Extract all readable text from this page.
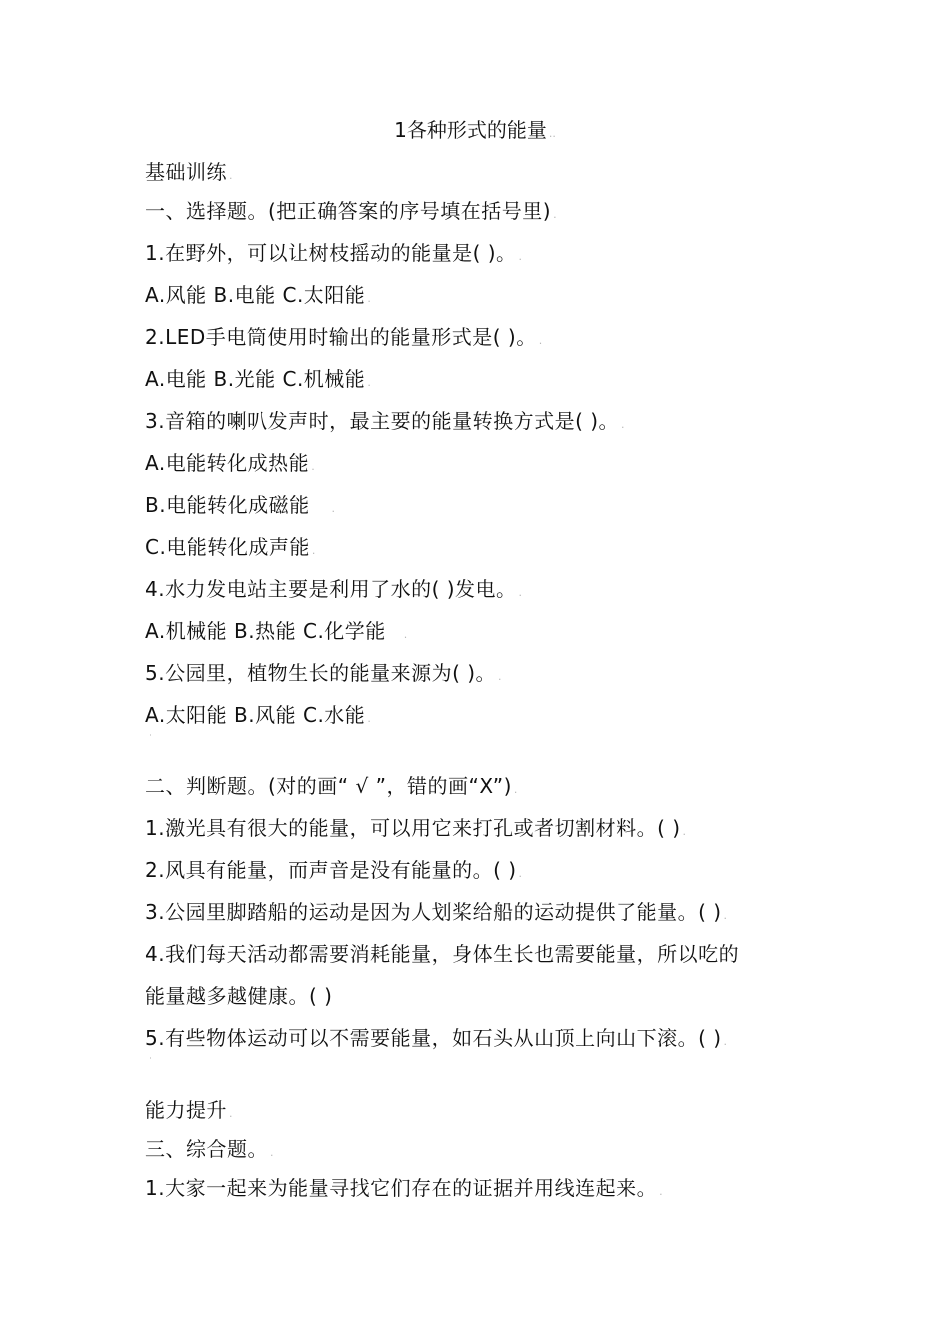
1各种形式的能量 ..
基础训练 .
一、选择题。(把正确答案的序号填在括号里) .
1.在野外，可以让树枝摇动的能量是( )。 .
A.风能 B.电能 C.太阳能 .
2.LED手电筒使用时输出的能量形式是( )。 .
A.电能 B.光能 C.机械能 .
3.音箱的喇叭发声时，最主要的能量转换方式是( )。 .
A.电能转化成热能 .
B.电能转化成磁能     .
C.电能转化成声能 .
4.水力发电站主要是利用了水的( )发电。 .
A.机械能 B.热能 C.化学能    .
5.公园里，植物生长的能量来源为( )。 .
A.太阳能 B.风能 C.水能 .
˙
二、判断题。(对的画“ √ ”，错的画“X”) .
1.激光具有很大的能量，可以用它来打孔或者切割材料。( ) .
2.风具有能量，而声音是没有能量的。( ) .
3.公园里脚踏船的运动是因为人划桨给船的运动提供了能量。( ) .
4.我们每天活动都需要消耗能量，身体生长也需要能量，所以吃的
能量越多越健康。( )
5.有些物体运动可以不需要能量，如石头从山顶上向山下滚。( ) .
˙
能力提升 .
三、综合题。 .
1.大家一起来为能量寻找它们存在的证据并用线连起来。 .
